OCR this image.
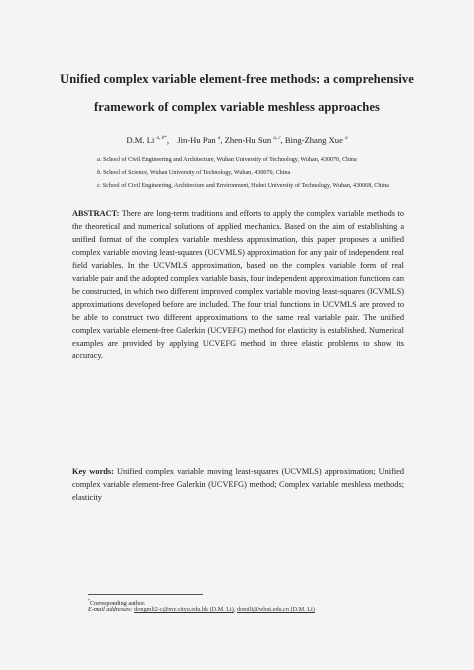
Unified complex variable element-free methods: a comprehensive
framework of complex variable meshless approaches
D.M. Li $^{a, b*}$， Jin-Hu Pan $^a$, Zhen-Hu Sun $^{a, c}$, Bing-Zhang Xue $^a$
a. School of Civil Engineering and Architecture, Wuhan University of Technology, Wuhan, 430070, China
b. School of Science, Wuhan University of Technology, Wuhan, 430070, China
c. School of Civil Engineering, Architecture and Environment, Hubei University of Technology, Wuhan, 430068, China

ABSTRACT: There are long-term traditions and efforts to apply the complex variable methods to the theoretical and numerical solutions of applied mechanics. Based on the aim of establishing a unified format of the complex variable meshless approximation, this paper proposes a unified complex variable moving least-squares (UCVMLS) approximation for any pair of independent real field variables. In the UCVMLS approximation, based on the complex variable form of real variable pair and the adopted complex variable basis, four independent approximation functions can be constructed, in which two different improved complex variable moving least-squares (ICVMLS) approximations developed before are included. The four trial functions in UCVMLS are proved to be able to construct two different approximations to the same real variable pair. The unified complex variable element-free Galerkin (UCVEFG) method for elasticity is established. Numerical examples are provided by applying UCVEFG method in three elastic problems to show its accuracy.

Key words: Unified complex variable moving least-squares (UCVMLS) approximation; Unified complex variable element-free Galerkin (UCVEFG) method; Complex variable meshless methods; elasticity

*Corresponding author.
E-mail addresses: dongmli2-c@my.cityu.edu.hk (D.M. Li), domili@whut.edu.cn (D.M. Li)
